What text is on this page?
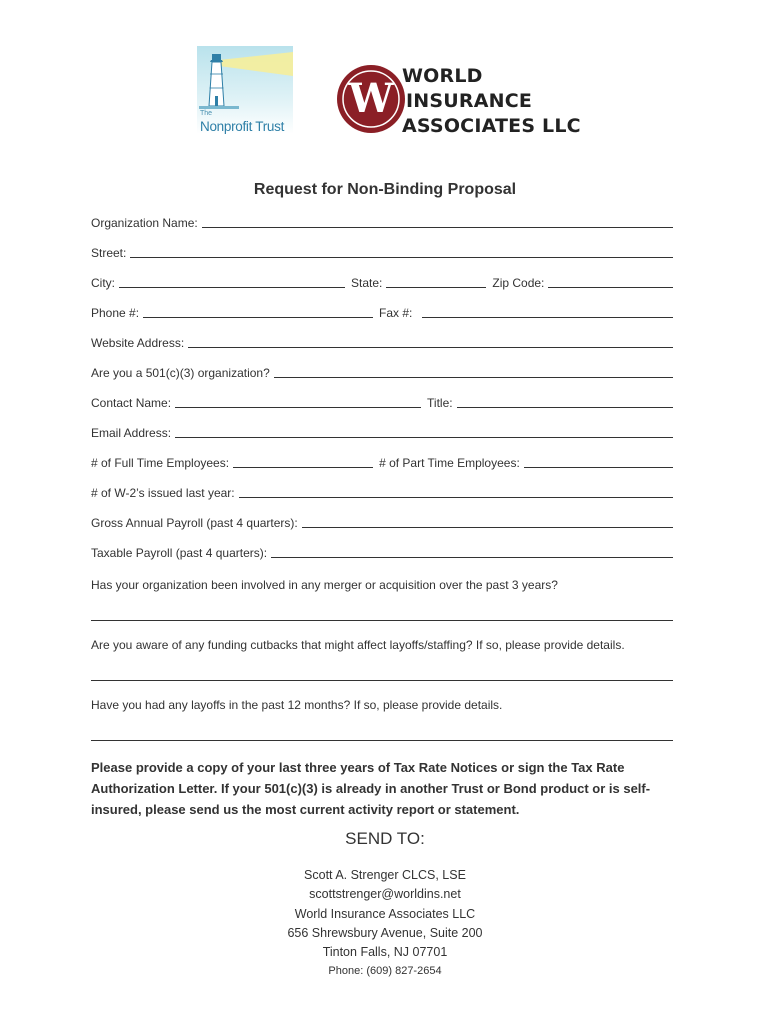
The
Nonprofit Trust
W WORLD
INSURANCE
ASSOCIATES LLC
Request for Non-Binding Proposal
Organization Name:
Street:
City:	State:	Zip Code:
Phone #:	Fax #:
Website Address:
Are you a 501(c)(3) organization?
Contact Name:	Title:
Email Address:
# of Full Time Employees:	# of Part Time Employees:
# of W-2’s issued last year:
Gross Annual Payroll (past 4 quarters):
Taxable Payroll (past 4 quarters):
Has your organization been involved in any merger or acquisition over the past 3 years?
Are you aware of any funding cutbacks that might affect layoffs/staffing? If so, please provide details.
Have you had any layoffs in the past 12 months? If so, please provide details.
Please provide a copy of your last three years of Tax Rate Notices or sign the Tax Rate Authorization Letter. If your 501(c)(3) is already in another Trust or Bond product or is self-insured, please send us the most current activity report or statement.
SEND TO:
Scott A. Strenger CLCS, LSE
scottstrenger@worldins.net
World Insurance Associates LLC
656 Shrewsbury Avenue, Suite 200
Tinton Falls, NJ 07701
Phone: (609) 827-2654
